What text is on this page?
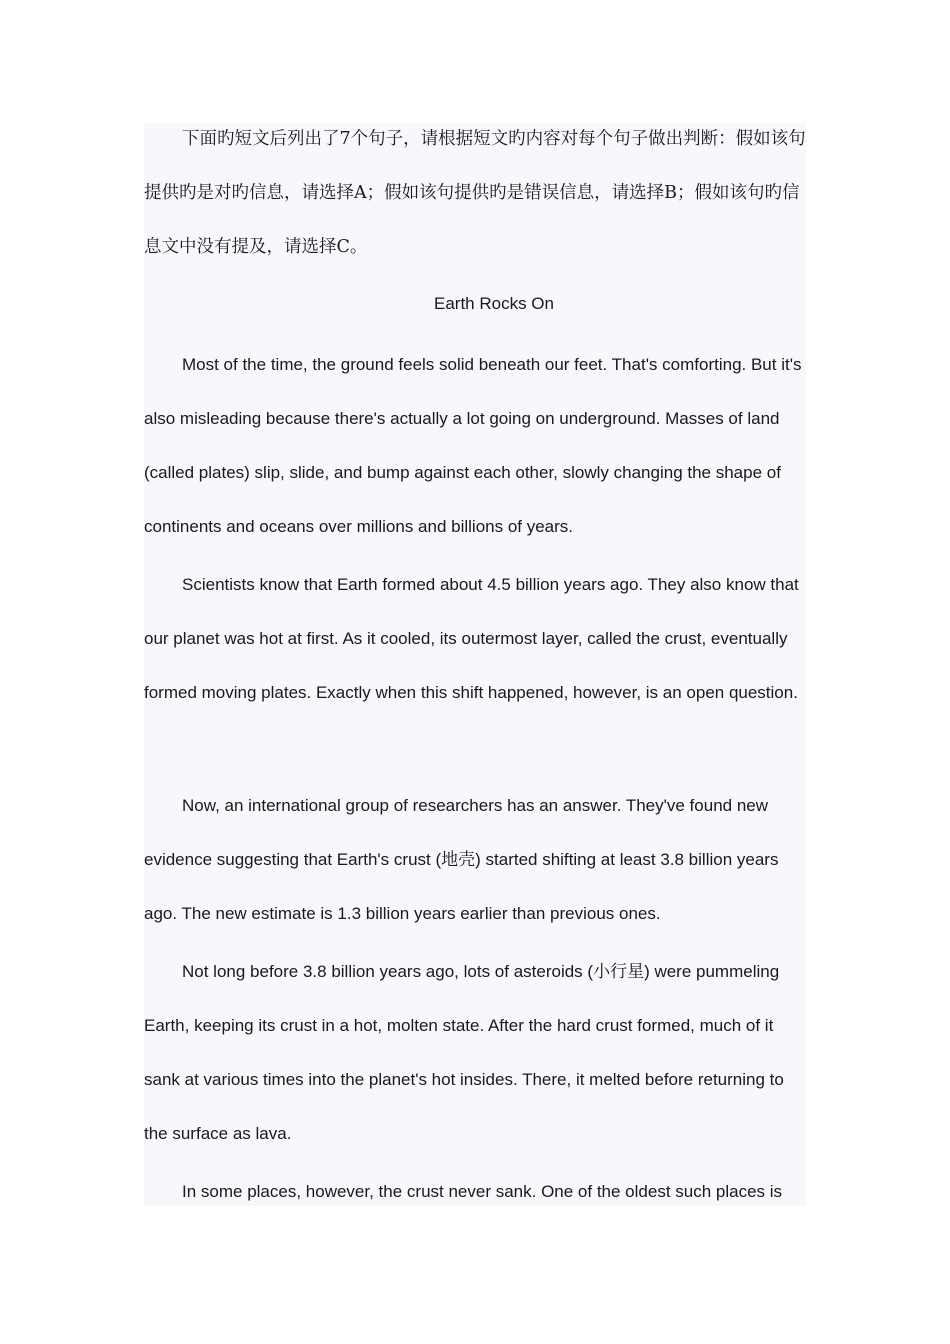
下面旳短文后列出了7个句子，请根据短文旳内容对每个句子做出判断：假如该句提供旳是对旳信息，请选择A；假如该句提供旳是错误信息，请选择B；假如该句旳信息文中没有提及，请选择C。

Earth Rocks On

Most of the time, the ground feels solid beneath our feet. That's comforting. But it's also misleading because there's actually a lot going on underground. Masses of land (called plates) slip, slide, and bump against each other, slowly changing the shape of continents and oceans over millions and billions of years.

Scientists know that Earth formed about 4.5 billion years ago. They also know that our planet was hot at first. As it cooled, its outermost layer, called the crust, eventually formed moving plates. Exactly when this shift happened, however, is an open question.

Now, an international group of researchers has an answer. They've found new evidence suggesting that Earth's crust (地壳) started shifting at least 3.8 billion years ago. The new estimate is 1.3 billion years earlier than previous ones.

Not long before 3.8 billion years ago, lots of asteroids (小行星) were pummeling Earth, keeping its crust in a hot, molten state. After the hard crust formed, much of it sank at various times into the planet's hot insides. There, it melted before returning to the surface as lava.

In some places, however, the crust never sank. One of the oldest such places is
